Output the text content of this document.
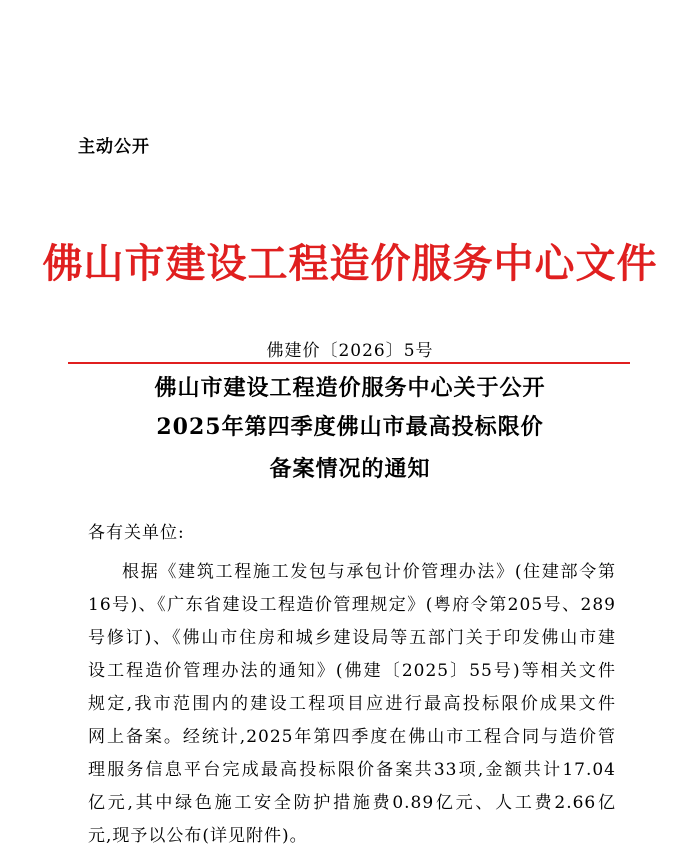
主动公开
佛山市建设工程造价服务中心文件
佛建价〔2026〕5号
佛山市建设工程造价服务中心关于公开
2025年第四季度佛山市最高投标限价
备案情况的通知
各有关单位:
根据《建筑工程施工发包与承包计价管理办法》(住建部令第
16号)、《广东省建设工程造价管理规定》(粤府令第205号、289
号修订)、《佛山市住房和城乡建设局等五部门关于印发佛山市建
设工程造价管理办法的通知》(佛建〔2025〕55号)等相关文件
规定,我市范围内的建设工程项目应进行最高投标限价成果文件
网上备案。经统计,2025年第四季度在佛山市工程合同与造价管
理服务信息平台完成最高投标限价备案共33项,金额共计17.04
亿元,其中绿色施工安全防护措施费0.89亿元、人工费2.66亿
元,现予以公布(详见附件)。
